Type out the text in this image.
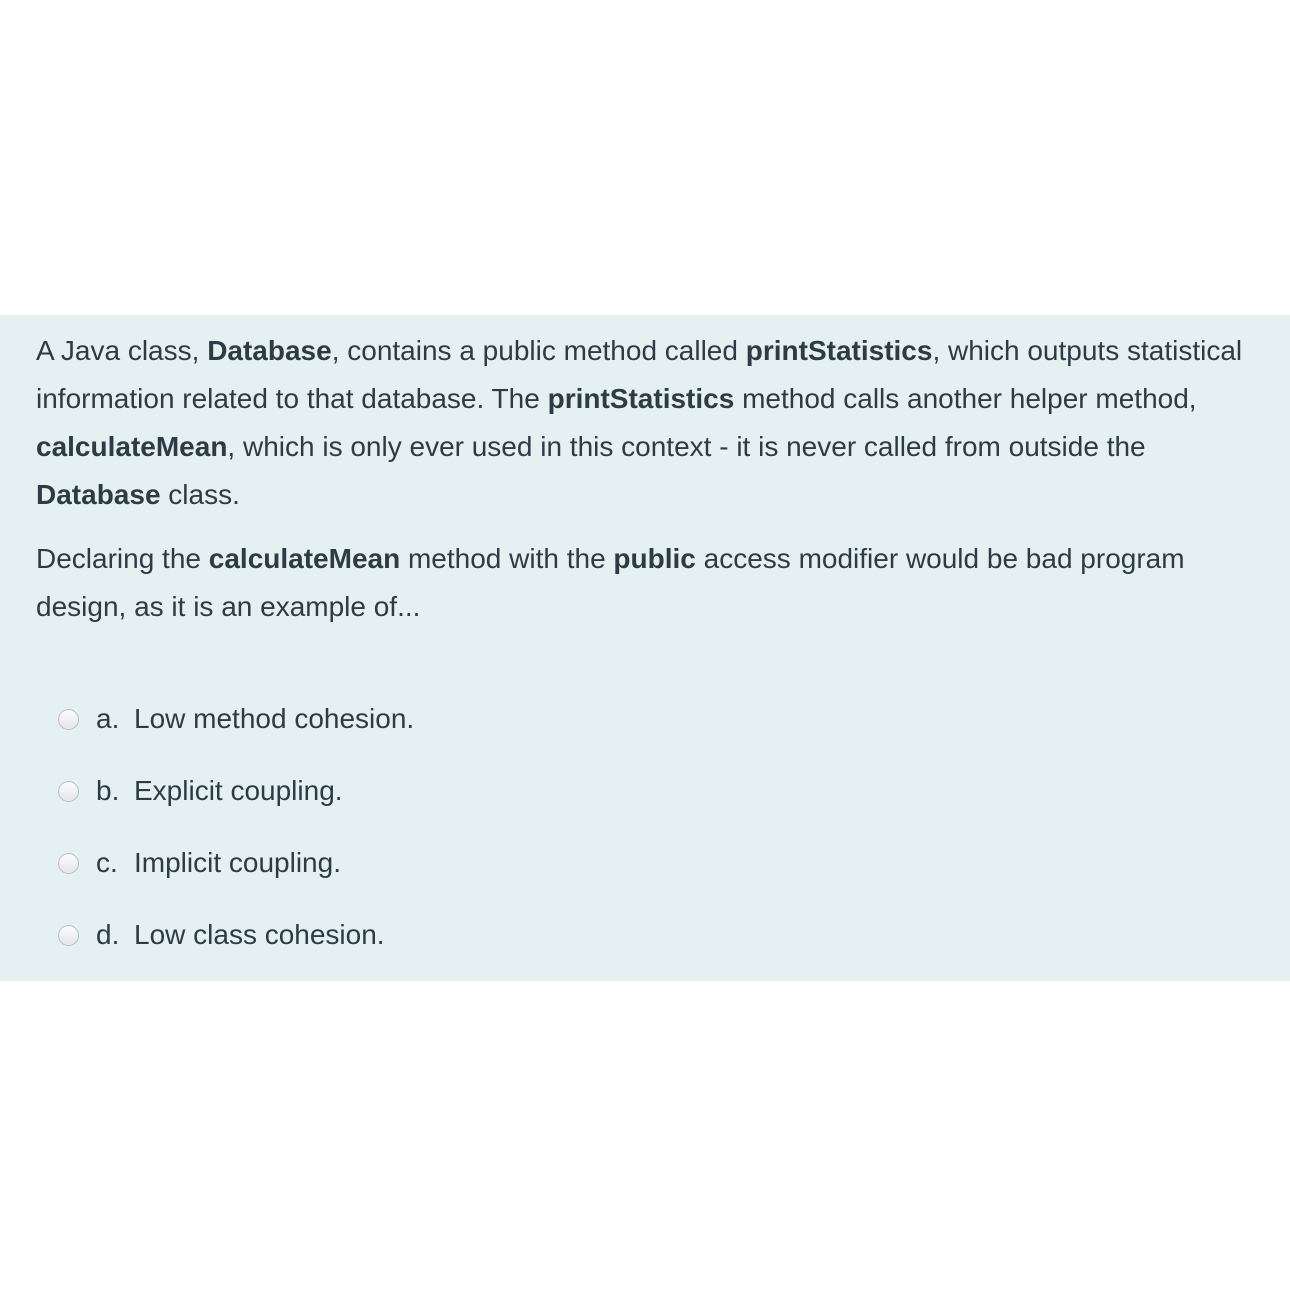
A Java class, Database, contains a public method called printStatistics, which outputs statistical information related to that database. The printStatistics method calls another helper method, calculateMean, which is only ever used in this context - it is never called from outside the Database class.

Declaring the calculateMean method with the public access modifier would be bad program design, as it is an example of...

a. Low method cohesion.
b. Explicit coupling.
c. Implicit coupling.
d. Low class cohesion.
